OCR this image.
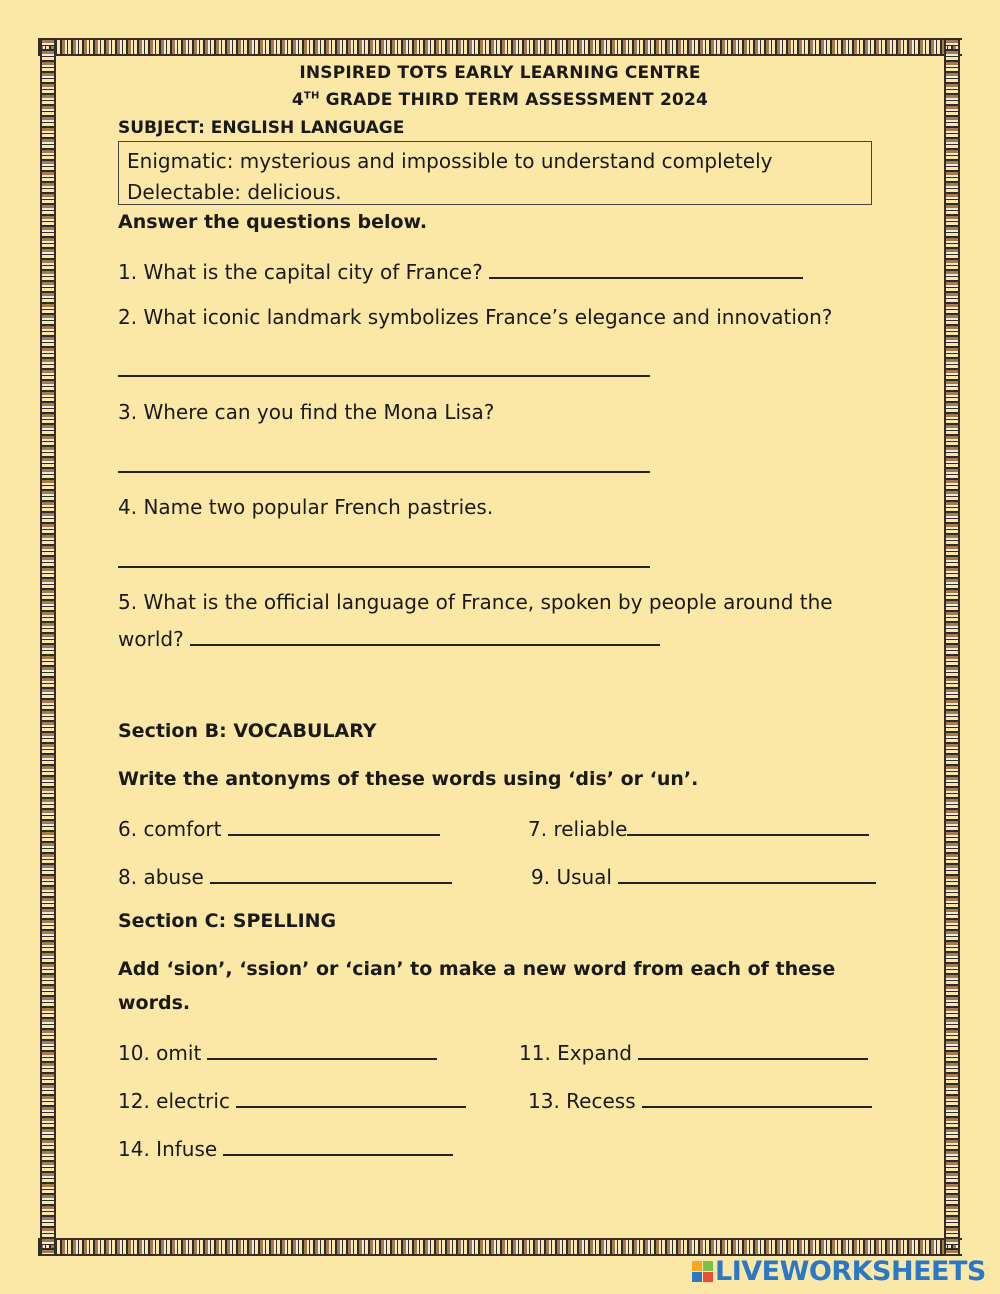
INSPIRED TOTS EARLY LEARNING CENTRE
4TH GRADE THIRD TERM ASSESSMENT 2024
SUBJECT: ENGLISH LANGUAGE
Enigmatic: mysterious and impossible to understand completely
Delectable: delicious.
Answer the questions below.
1. What is the capital city of France?
2. What iconic landmark symbolizes France’s elegance and innovation?
3. Where can you find the Mona Lisa?
4. Name two popular French pastries.
5. What is the official language of France, spoken by people around the
world?
Section B: VOCABULARY
Write the antonyms of these words using ‘dis’ or ‘un’.
6. comfort	7. reliable
8. abuse	9. Usual
Section C: SPELLING
Add ‘sion’, ‘ssion’ or ‘cian’ to make a new word from each of these
words.
10. omit	11. Expand
12. electric	13. Recess
14. Infuse
LIVEWORKSHEETS
